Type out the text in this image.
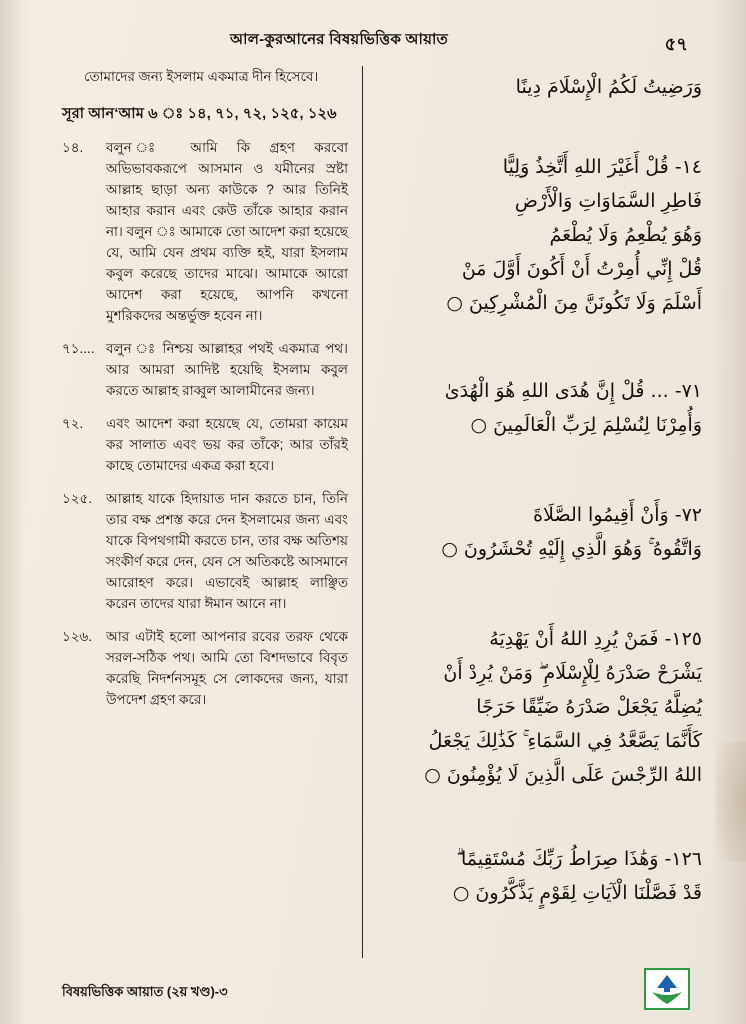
আল-কুরআনের বিষয়ভিত্তিক আয়াত	৫৭

তোমাদের জন্য ইসলাম একমাত্র দীন হিসেবে।

সূরা আন‘আম ৬ ঃ ১৪, ৭১, ৭২, ১২৫, ১২৬
১৪.	বলুন ঃ আমি কি গ্রহণ করবো অভিভাবকরূপে আসমান ও যমীনের স্রষ্টা আল্লাহ ছাড়া অন্য কাউকে ? আর তিনিই আহার করান এবং কেউ তাঁকে আহার করান না। বলুন ঃ আমাকে তো আদেশ করা হয়েছে যে, আমি যেন প্রথম ব্যক্তি হই, যারা ইসলাম কবুল করেছে তাদের মাঝে। আমাকে আরো আদেশ করা হয়েছে, আপনি কখনো মুশরিকদের অন্তর্ভুক্ত হবেন না।
৭১.... বলুন ঃ নিশ্চয় আল্লাহর পথই একমাত্র পথ। আর আমরা আদিষ্ট হয়েছি ইসলাম কবুল করতে আল্লাহ রাব্বুল আলামীনের জন্য।
৭২.	এবং আদেশ করা হয়েছে যে, তোমরা কায়েম কর সালাত এবং ভয় কর তাঁকে; আর তাঁরই কাছে তোমাদের একত্র করা হবে।
১২৫.	আল্লাহ যাকে হিদায়াত দান করতে চান, তিনি তার বক্ষ প্রশস্ত করে দেন ইসলামের জন্য এবং যাকে বিপথগামী করতে চান, তার বক্ষ অতিশয় সংকীর্ণ করে দেন, যেন সে অতিকষ্টে আসমানে আরোহণ করে। এভাবেই আল্লাহ লাঞ্ছিত করেন তাদের যারা ঈমান আনে না।
১২৬.	আর এটাই হলো আপনার রবের তরফ থেকে সরল-সঠিক পথ। আমি তো বিশদভাবে বিবৃত করেছি নিদর্শনসমূহ সে লোকদের জন্য, যারা উপদেশ গ্রহণ করে।
وَرَضِيتُ لَكُمُ الْإِسْلَامَ دِينًا
١٤- قُلْ أَغَيْرَ اللهِ أَتَّخِذُ وَلِيًّا
فَاطِرِ السَّمَاوَاتِ وَالْأَرْضِ
وَهُوَ يُطْعِمُ وَلَا يُطْعَمُ
قُلْ إِنِّي أُمِرْتُ أَنْ أَكُونَ أَوَّلَ مَنْ
أَسْلَمَ وَلَا تَكُونَنَّ مِنَ الْمُشْرِكِينَ ○
٧١- ... قُلْ إِنَّ هُدَى اللهِ هُوَ الْهُدَىٰ
وَأُمِرْنَا لِنُسْلِمَ لِرَبِّ الْعَالَمِينَ ○
٧٢- وَأَنْ أَقِيمُوا الصَّلَاةَ
وَاتَّقُوهُ ۚ وَهُوَ الَّذِي إِلَيْهِ تُحْشَرُونَ ○
١٢٥- فَمَنْ يُرِدِ اللهُ أَنْ يَهْدِيَهُ
يَشْرَحْ صَدْرَهُ لِلْإِسْلَامِ ۖ وَمَنْ يُرِدْ أَنْ
يُضِلَّهُ يَجْعَلْ صَدْرَهُ ضَيِّقًا حَرَجًا
كَأَنَّمَا يَصَّعَّدُ فِي السَّمَاءِ ۚ كَذَٰلِكَ يَجْعَلُ
اللهُ الرِّجْسَ عَلَى الَّذِينَ لَا يُؤْمِنُونَ ○
١٢٦- وَهَٰذَا صِرَاطُ رَبِّكَ مُسْتَقِيمًا ۗ
قَدْ فَصَّلْنَا الْآيَاتِ لِقَوْمٍ يَذَّكَّرُونَ ○
বিষয়ভিত্তিক আয়াত (২য় খণ্ড)-৩
